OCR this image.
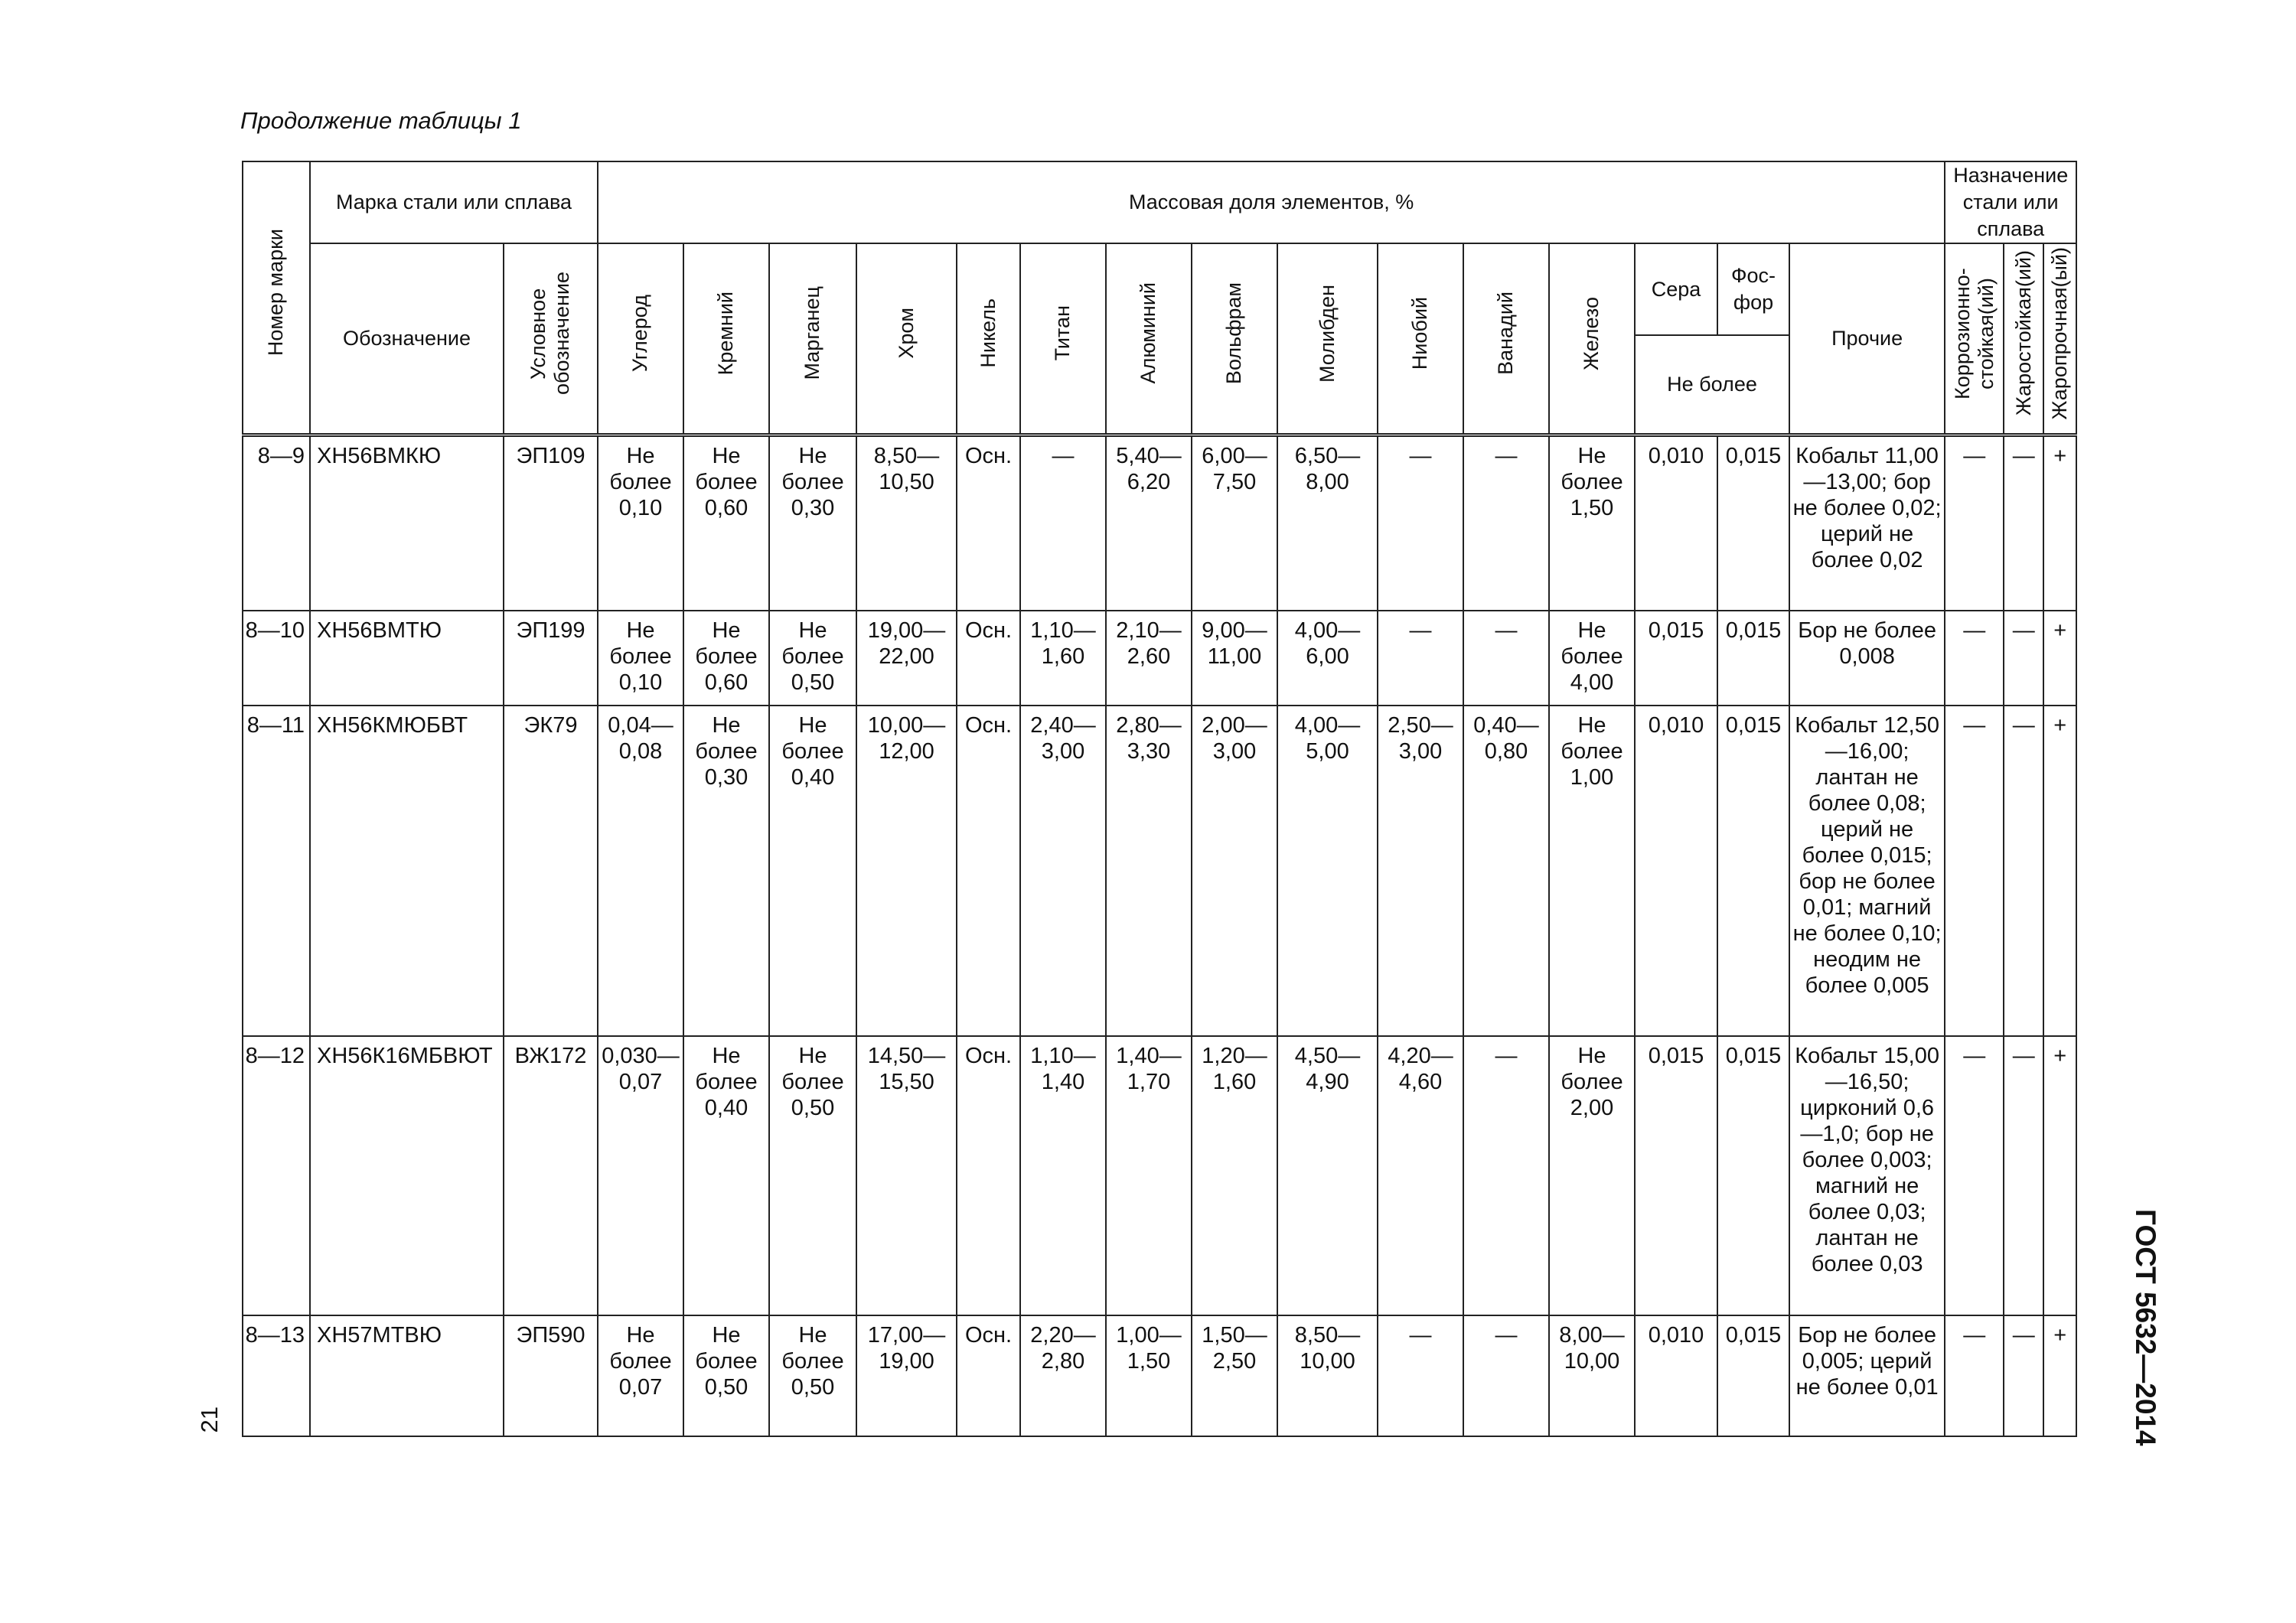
Продолжение таблицы 1
Номер марки	Марка стали или сплава		Массовая доля элементов, %															Назначение стали или сплава		
	Обозначение	Условное обозначение	Углерод	Кремний	Марганец	Хром	Никель	Титан	Алюминий	Вольфрам	Молибден	Ниобий	Ванадий	Железо	Сера	Фос-фор	Прочие	Коррозионно-стойкая(ий)	Жаростойкая(ий)	Жаропрочная(ый)

															Не более					
8—9	ХН56ВМКЮ	ЭП109	Не более 0,10	Не более 0,60	Не более 0,30	8,50— 10,50	Осн.	—	5,40— 6,20	6,00— 7,50	6,50— 8,00	—	—	Не более 1,50	0,010	0,015	Кобальт 11,00—13,00; бор не более 0,02; церий не более 0,02	—	—	+
8—10	ХН56ВМТЮ	ЭП199	Не более 0,10	Не более 0,60	Не более 0,50	19,00— 22,00	Осн.	1,10— 1,60	2,10— 2,60	9,00— 11,00	4,00— 6,00	—	—	Не более 4,00	0,015	0,015	Бор не более 0,008	—	—	+
8—11	ХН56КМЮБВТ	ЭК79	0,04— 0,08	Не более 0,30	Не более 0,40	10,00— 12,00	Осн.	2,40— 3,00	2,80— 3,30	2,00— 3,00	4,00— 5,00	2,50— 3,00	0,40— 0,80	Не более 1,00	0,010	0,015	Кобальт 12,50—16,00; лантан не более 0,08; церий не более 0,015; бор не более 0,01; магний не более 0,10; неодим не более 0,005	—	—	+
8—12	ХН56К16МБВЮТ	ВЖ172	0,030— 0,07	Не более 0,40	Не более 0,50	14,50— 15,50	Осн.	1,10— 1,40	1,40— 1,70	1,20— 1,60	4,50— 4,90	4,20— 4,60	—	Не более 2,00	0,015	0,015	Кобальт 15,00—16,50; цирконий 0,6—1,0; бор не более 0,003; магний не более 0,03; лантан не более 0,03	—	—	+
8—13	ХН57МТВЮ	ЭП590	Не более 0,07	Не более 0,50	Не более 0,50	17,00— 19,00	Осн.	2,20— 2,80	1,00— 1,50	1,50— 2,50	8,50— 10,00	—	—	8,00— 10,00	0,010	0,015	Бор не более 0,005; церий не более 0,01	—	—	+
21	ГОСТ 5632—2014
